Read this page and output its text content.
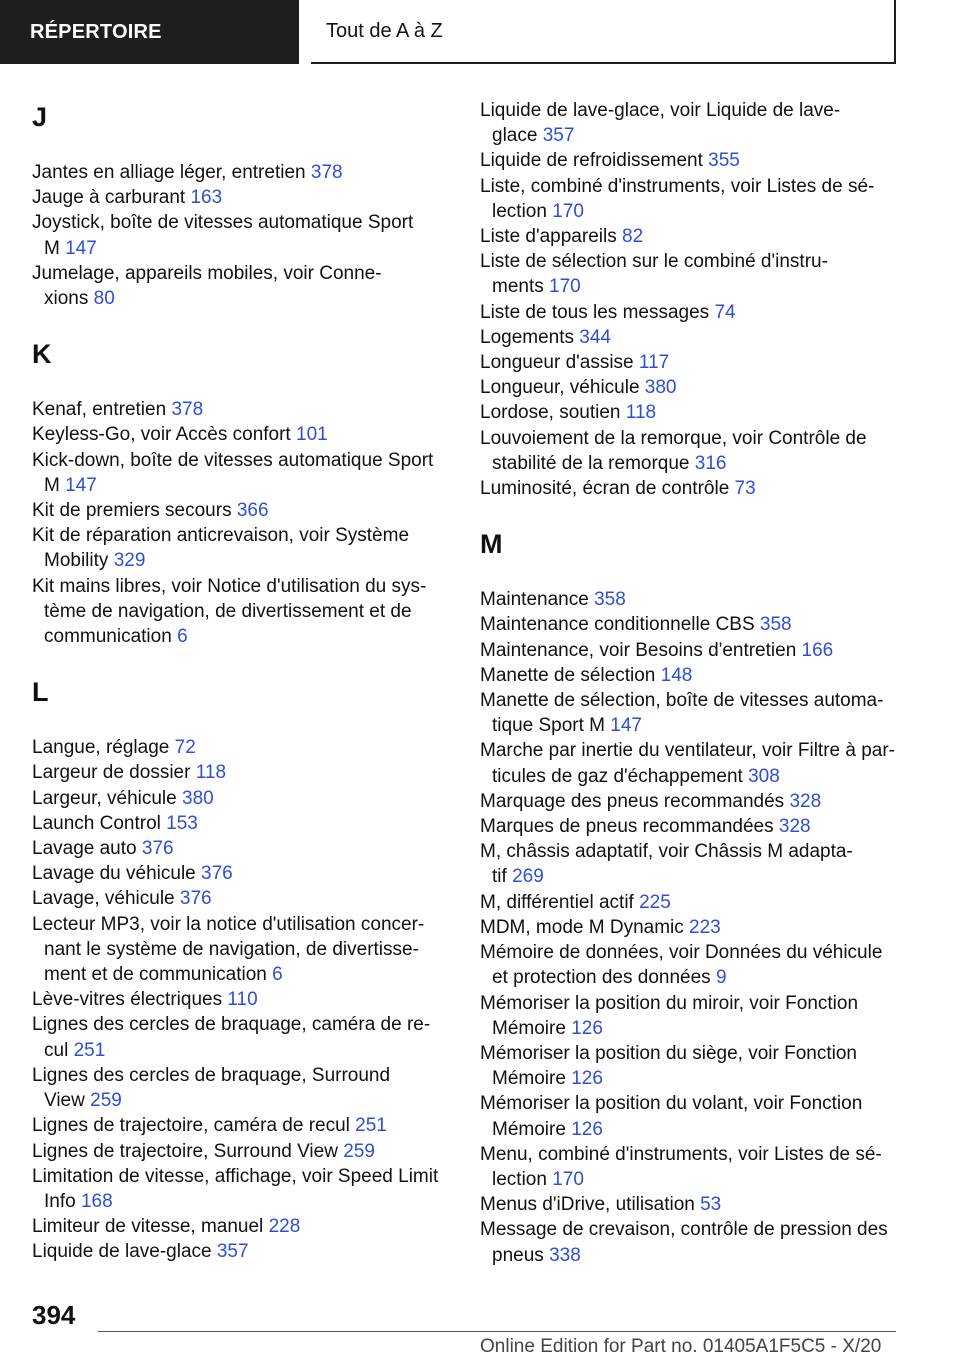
RÉPERTOIRE	Tout de A à Z
J
Jantes en alliage léger, entretien 378
Jauge à carburant 163
Joystick, boîte de vitesses automatique Sport
M 147
Jumelage, appareils mobiles, voir Conne-
xions 80
K
Kenaf, entretien 378
Keyless-Go, voir Accès confort 101
Kick-down, boîte de vitesses automatique Sport
M 147
Kit de premiers secours 366
Kit de réparation anticrevaison, voir Système
Mobility 329
Kit mains libres, voir Notice d'utilisation du sys-
tème de navigation, de divertissement et de
communication 6
L
Langue, réglage 72
Largeur de dossier 118
Largeur, véhicule 380
Launch Control 153
Lavage auto 376
Lavage du véhicule 376
Lavage, véhicule 376
Lecteur MP3, voir la notice d'utilisation concer-
nant le système de navigation, de divertisse-
ment et de communication 6
Lève-vitres électriques 110
Lignes des cercles de braquage, caméra de re-
cul 251
Lignes des cercles de braquage, Surround
View 259
Lignes de trajectoire, caméra de recul 251
Lignes de trajectoire, Surround View 259
Limitation de vitesse, affichage, voir Speed Limit
Info 168
Limiteur de vitesse, manuel 228
Liquide de lave-glace 357
Liquide de lave-glace, voir Liquide de lave-
glace 357
Liquide de refroidissement 355
Liste, combiné d'instruments, voir Listes de sé-
lection 170
Liste d'appareils 82
Liste de sélection sur le combiné d'instru-
ments 170
Liste de tous les messages 74
Logements 344
Longueur d'assise 117
Longueur, véhicule 380
Lordose, soutien 118
Louvoiement de la remorque, voir Contrôle de
stabilité de la remorque 316
Luminosité, écran de contrôle 73
M
Maintenance 358
Maintenance conditionnelle CBS 358
Maintenance, voir Besoins d'entretien 166
Manette de sélection 148
Manette de sélection, boîte de vitesses automa-
tique Sport M 147
Marche par inertie du ventilateur, voir Filtre à par-
ticules de gaz d'échappement 308
Marquage des pneus recommandés 328
Marques de pneus recommandées 328
M, châssis adaptatif, voir Châssis M adapta-
tif 269
M, différentiel actif 225
MDM, mode M Dynamic 223
Mémoire de données, voir Données du véhicule
et protection des données 9
Mémoriser la position du miroir, voir Fonction
Mémoire 126
Mémoriser la position du siège, voir Fonction
Mémoire 126
Mémoriser la position du volant, voir Fonction
Mémoire 126
Menu, combiné d'instruments, voir Listes de sé-
lection 170
Menus d'iDrive, utilisation 53
Message de crevaison, contrôle de pression des
pneus 338
394
Online Edition for Part no. 01405A1F5C5 - X/20
